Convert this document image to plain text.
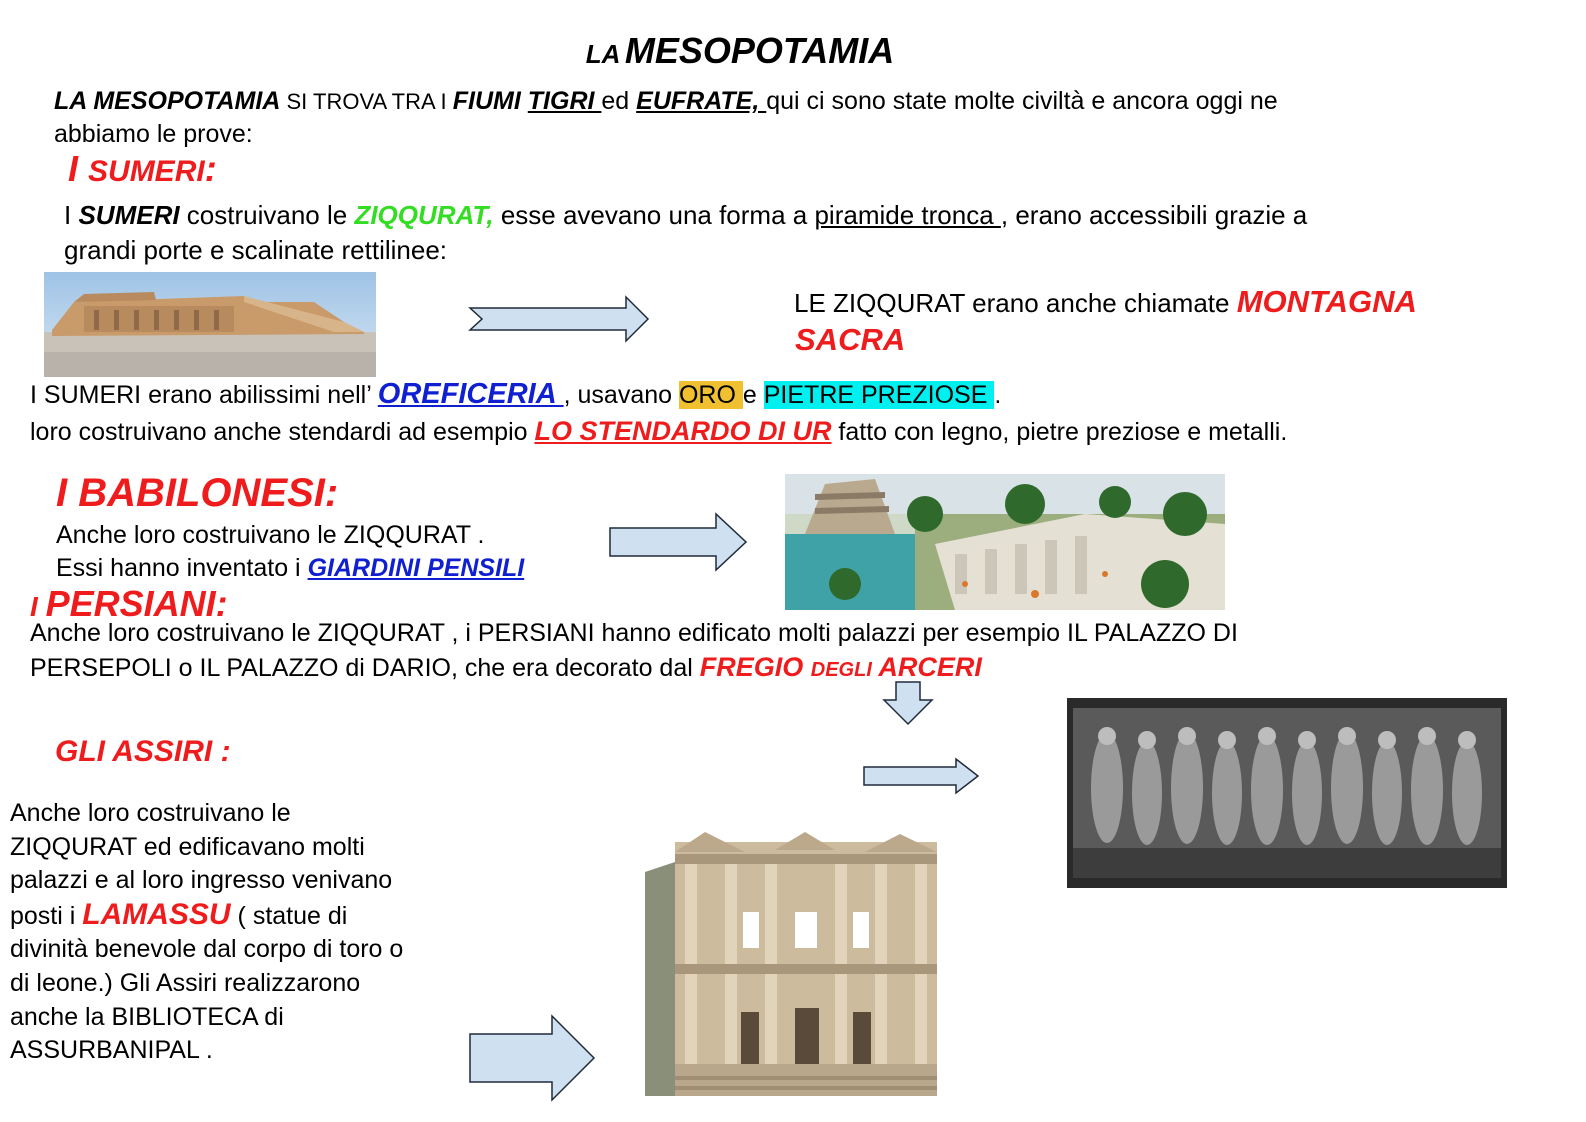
LA MESOPOTAMIA
LA MESOPOTAMIA SI TROVA TRA I FIUMI TIGRI ed EUFRATE, qui ci sono state molte civiltà e ancora oggi ne
abbiamo le prove:
I SUMERI:
I SUMERI costruivano le ZIQQURAT, esse avevano una forma a piramide tronca , erano accessibili grazie a
grandi porte e scalinate rettilinee:
LE ZIQQURAT erano anche chiamate MONTAGNA
SACRA
I SUMERI erano abilissimi nell’ OREFICERIA , usavano ORO e PIETRE PREZIOSE .
loro costruivano anche stendardi ad esempio LO STENDARDO DI UR fatto con legno, pietre preziose e metalli.
I BABILONESI:
Anche loro costruivano le ZIQQURAT .
Essi hanno inventato i GIARDINI PENSILI
I PERSIANI:
Anche loro costruivano le ZIQQURAT , i PERSIANI hanno edificato molti palazzi per esempio IL PALAZZO DI
PERSEPOLI o IL PALAZZO di DARIO, che era decorato dal FREGIO DEGLI ARCERI
GLI ASSIRI :
Anche loro costruivano le
ZIQQURAT ed edificavano molti
palazzi e al loro ingresso venivano
posti i LAMASSU ( statue di
divinità benevole dal corpo di toro o
di leone.) Gli Assiri realizzarono
anche la BIBLIOTECA di
ASSURBANIPAL .
